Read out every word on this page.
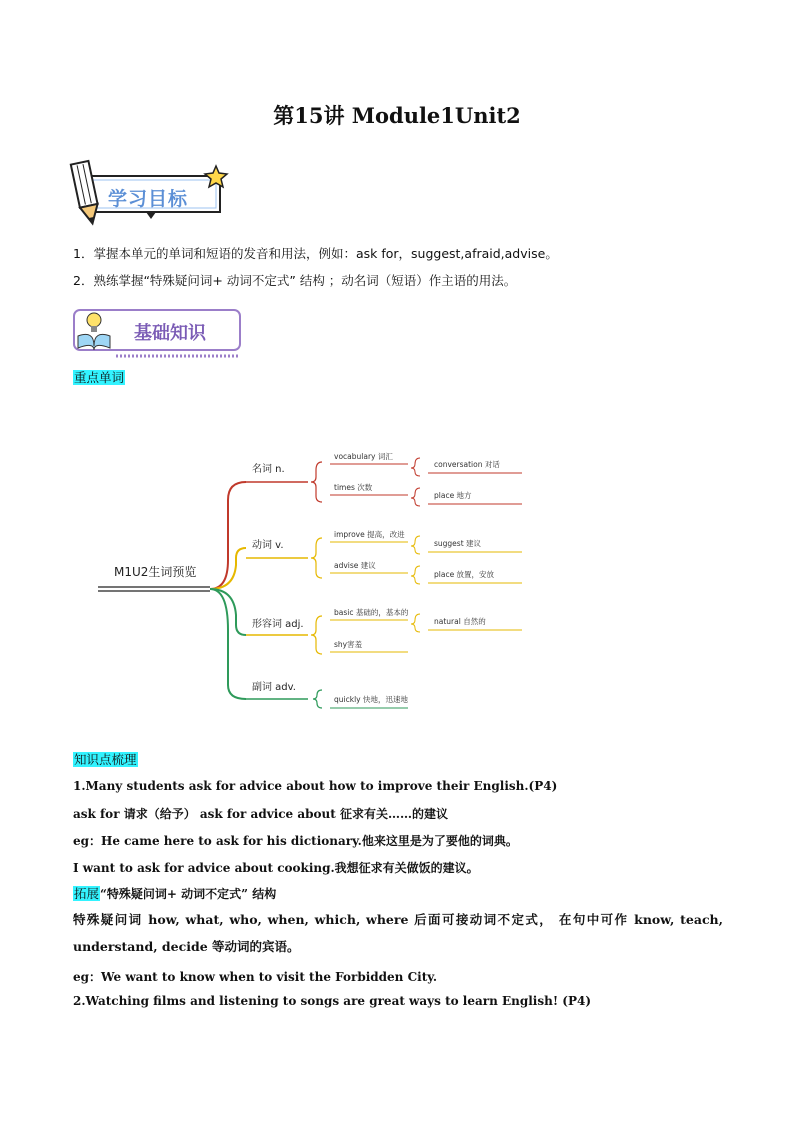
第15讲 Module1Unit2
学习目标
1．掌握本单元的单词和短语的发音和用法，例如：ask for，suggest,afraid,advise。
2．熟练掌握“特殊疑问词+ 动词不定式” 结构 ；动名词（短语）作主语的用法。
基础知识
重点单词
M1U2生词预览
名词 n.
vocabulary 词汇
times 次数
conversation 对话
place 地方
动词 v.
improve 提高，改进
advise 建议
suggest 建议
place 放置，安放
形容词 adj.
basic 基础的，基本的
shy害羞
natural 自然的
副词 adv.
quickly 快地，迅速地
知识点梳理
1.Many students ask for advice about how to improve their English.(P4)
ask for 请求（给予） ask for advice about 征求有关……的建议
eg：He came here to ask for his dictionary.他来这里是为了要他的词典。
I want to ask for advice about cooking.我想征求有关做饭的建议。
拓展“特殊疑问词+ 动词不定式” 结构
特殊疑问词 how, what, who, when, which, where 后面可接动词不定式， 在句中可作 know, teach, understand, decide 等动词的宾语。
eg：We want to know when to visit the Forbidden City.
2.Watching films and listening to songs are great ways to learn English! (P4)
